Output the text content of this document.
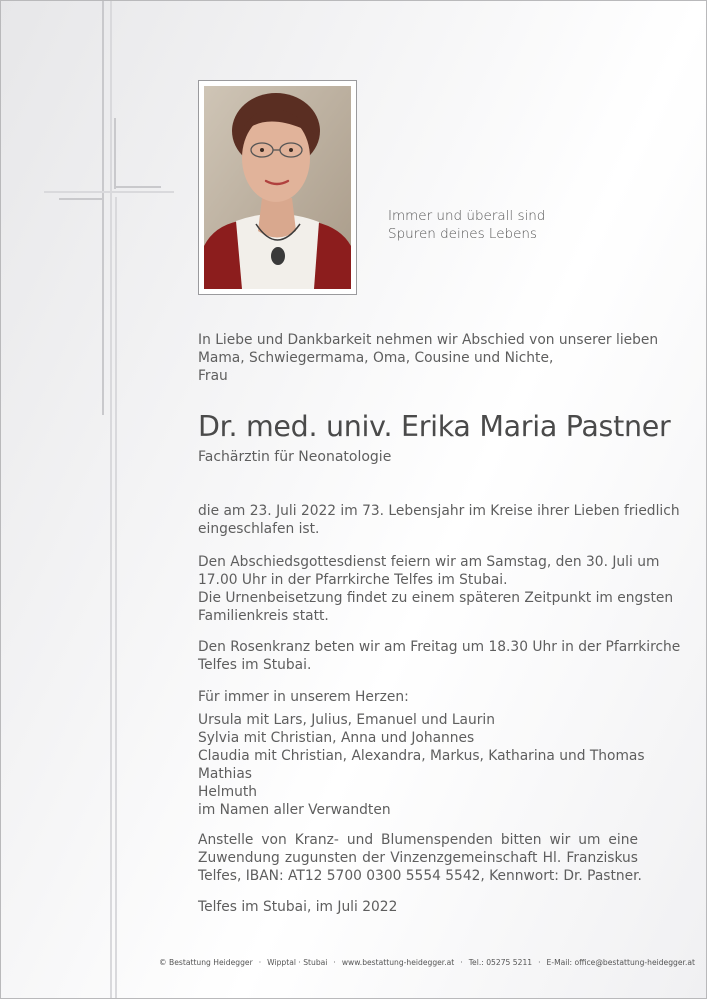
Immer und überall sind
Spuren deines Lebens
In Liebe und Dankbarkeit nehmen wir Abschied von unserer lieben
Mama, Schwiegermama, Oma, Cousine und Nichte,
Frau
Dr. med. univ. Erika Maria Pastner
Fachärztin für Neonatologie
die am 23. Juli 2022 im 73. Lebensjahr im Kreise ihrer Lieben friedlich
eingeschlafen ist.
Den Abschiedsgottesdienst feiern wir am Samstag, den 30. Juli um
17.00 Uhr in der Pfarrkirche Telfes im Stubai.
Die Urnenbeisetzung findet zu einem späteren Zeitpunkt im engsten
Familienkreis statt.
Den Rosenkranz beten wir am Freitag um 18.30 Uhr in der Pfarrkirche
Telfes im Stubai.
Für immer in unserem Herzen:
Ursula mit Lars, Julius, Emanuel und Laurin
Sylvia mit Christian, Anna und Johannes
Claudia mit Christian, Alexandra, Markus, Katharina und Thomas
Mathias
Helmuth
im Namen aller Verwandten
Anstelle von Kranz- und Blumenspenden bitten wir um eine
Zuwendung zugunsten der Vinzenzgemeinschaft Hl. Franziskus
Telfes, IBAN: AT12 5700 0300 5554 5542, Kennwort: Dr. Pastner.
Telfes im Stubai, im Juli 2022
© Bestattung Heidegger · Wipptal · Stubai · www.bestattung-heidegger.at · Tel.: 05275 5211 · E-Mail: office@bestattung-heidegger.at
